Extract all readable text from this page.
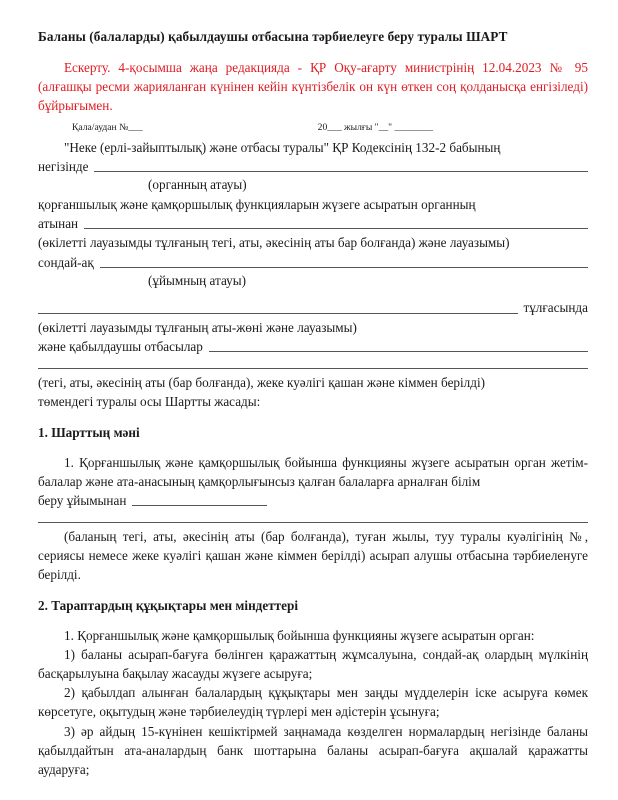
Баланы (балаларды) қабылдаушы отбасына тәрбиелеуге беру туралы ШАРТ

Ескерту. 4-қосымша жаңа редакцияда - ҚР Оқу-ағарту министрінің 12.04.2023 № 95 (алғашқы ресми жарияланған күнінен кейін күнтізбелік он күн өткен соң қолданысқа енгізіледі) бұйрығымен.

Қала/аудан №___	20___ жылғы "__" ________

"Неке (ерлі-зайыптылық) және отбасы туралы" ҚР Кодексінің 132-2 бабының

негізінде

(органның атауы)

қорғаншылық және қамқоршылық функцияларын жүзеге асыратын органның

атынан

(өкілетті лауазымды тұлғаның тегі, аты, әкесінің аты бар болғанда) және лауазымы)

сондай-ақ

(ұйымның атауы)

тұлғасында

(өкілетті лауазымды тұлғаның аты-жөні және лауазымы)

және қабылдаушы отбасылар

(тегі, аты, әкесінің аты (бар болғанда), жеке куәлігі қашан және кіммен берілді)

төмендегі туралы осы Шартты жасады:

1. Шарттың мәні

1. Қорғаншылық және қамқоршылық бойынша функцияны жүзеге асыратын орган жетім-балалар және ата-анасының қамқорлығынсыз қалған балаларға арналған білім

беру ұйымынан

(баланың тегі, аты, әкесінің аты (бар болғанда), туған жылы, туу туралы куәлігінің №, сериясы немесе жеке куәлігі қашан және кіммен берілді) асырап алушы отбасына тәрбиеленуге берілді.

2. Тараптардың құқықтары мен міндеттері

1. Қорғаншылық және қамқоршылық бойынша функцияны жүзеге асыратын орган:

1) баланы асырап-бағуға бөлінген қаражаттың жұмсалуына, сондай-ақ олардың мүлкінің басқарылуына бақылау жасауды жүзеге асыруға;

2) қабылдап алынған балалардың құқықтары мен заңды мүдделерін іске асыруға көмек көрсетуге, оқытудың және тәрбиелеудің түрлері мен әдістерін ұсынуға;

3) әр айдың 15-күнінен кешіктірмей заңнамада көзделген нормалардың негізінде баланы қабылдайтын ата-аналардың банк шоттарына баланы асырап-бағуға ақшалай қаражатты аударуға;
